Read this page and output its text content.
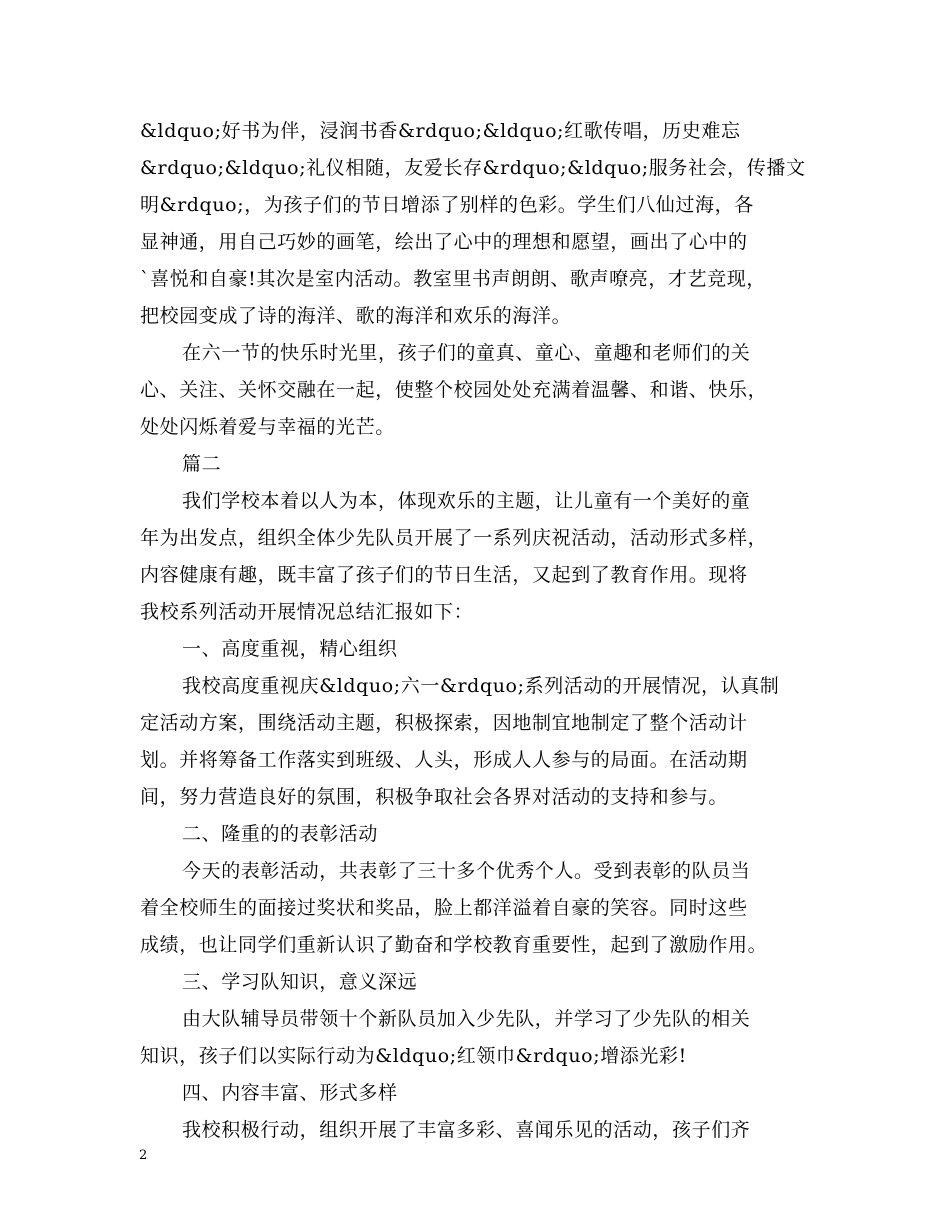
&ldquo;好书为伴，浸润书香&rdquo;&ldquo;红歌传唱，历史难忘
&rdquo;&ldquo;礼仪相随，友爱长存&rdquo;&ldquo;服务社会，传播文
明&rdquo;，为孩子们的节日增添了别样的色彩。学生们八仙过海，各
显神通，用自己巧妙的画笔，绘出了心中的理想和愿望，画出了心中的
`喜悦和自豪!其次是室内活动。教室里书声朗朗、歌声嘹亮，才艺竞现，
把校园变成了诗的海洋、歌的海洋和欢乐的海洋。
在六一节的快乐时光里，孩子们的童真、童心、童趣和老师们的关
心、关注、关怀交融在一起，使整个校园处处充满着温馨、和谐、快乐，
处处闪烁着爱与幸福的光芒。
篇二
我们学校本着以人为本，体现欢乐的主题，让儿童有一个美好的童
年为出发点，组织全体少先队员开展了一系列庆祝活动，活动形式多样，
内容健康有趣，既丰富了孩子们的节日生活，又起到了教育作用。现将
我校系列活动开展情况总结汇报如下：
一、高度重视，精心组织
我校高度重视庆&ldquo;六一&rdquo;系列活动的开展情况，认真制
定活动方案，围绕活动主题，积极探索，因地制宜地制定了整个活动计
划。并将筹备工作落实到班级、人头，形成人人参与的局面。在活动期
间，努力营造良好的氛围，积极争取社会各界对活动的支持和参与。
二、隆重的的表彰活动
今天的表彰活动，共表彰了三十多个优秀个人。受到表彰的队员当
着全校师生的面接过奖状和奖品，脸上都洋溢着自豪的笑容。同时这些
成绩，也让同学们重新认识了勤奋和学校教育重要性，起到了激励作用。
三、学习队知识，意义深远
由大队辅导员带领十个新队员加入少先队，并学习了少先队的相关
知识，孩子们以实际行动为&ldquo;红领巾&rdquo;增添光彩!
四、内容丰富、形式多样
我校积极行动，组织开展了丰富多彩、喜闻乐见的活动，孩子们齐
2
